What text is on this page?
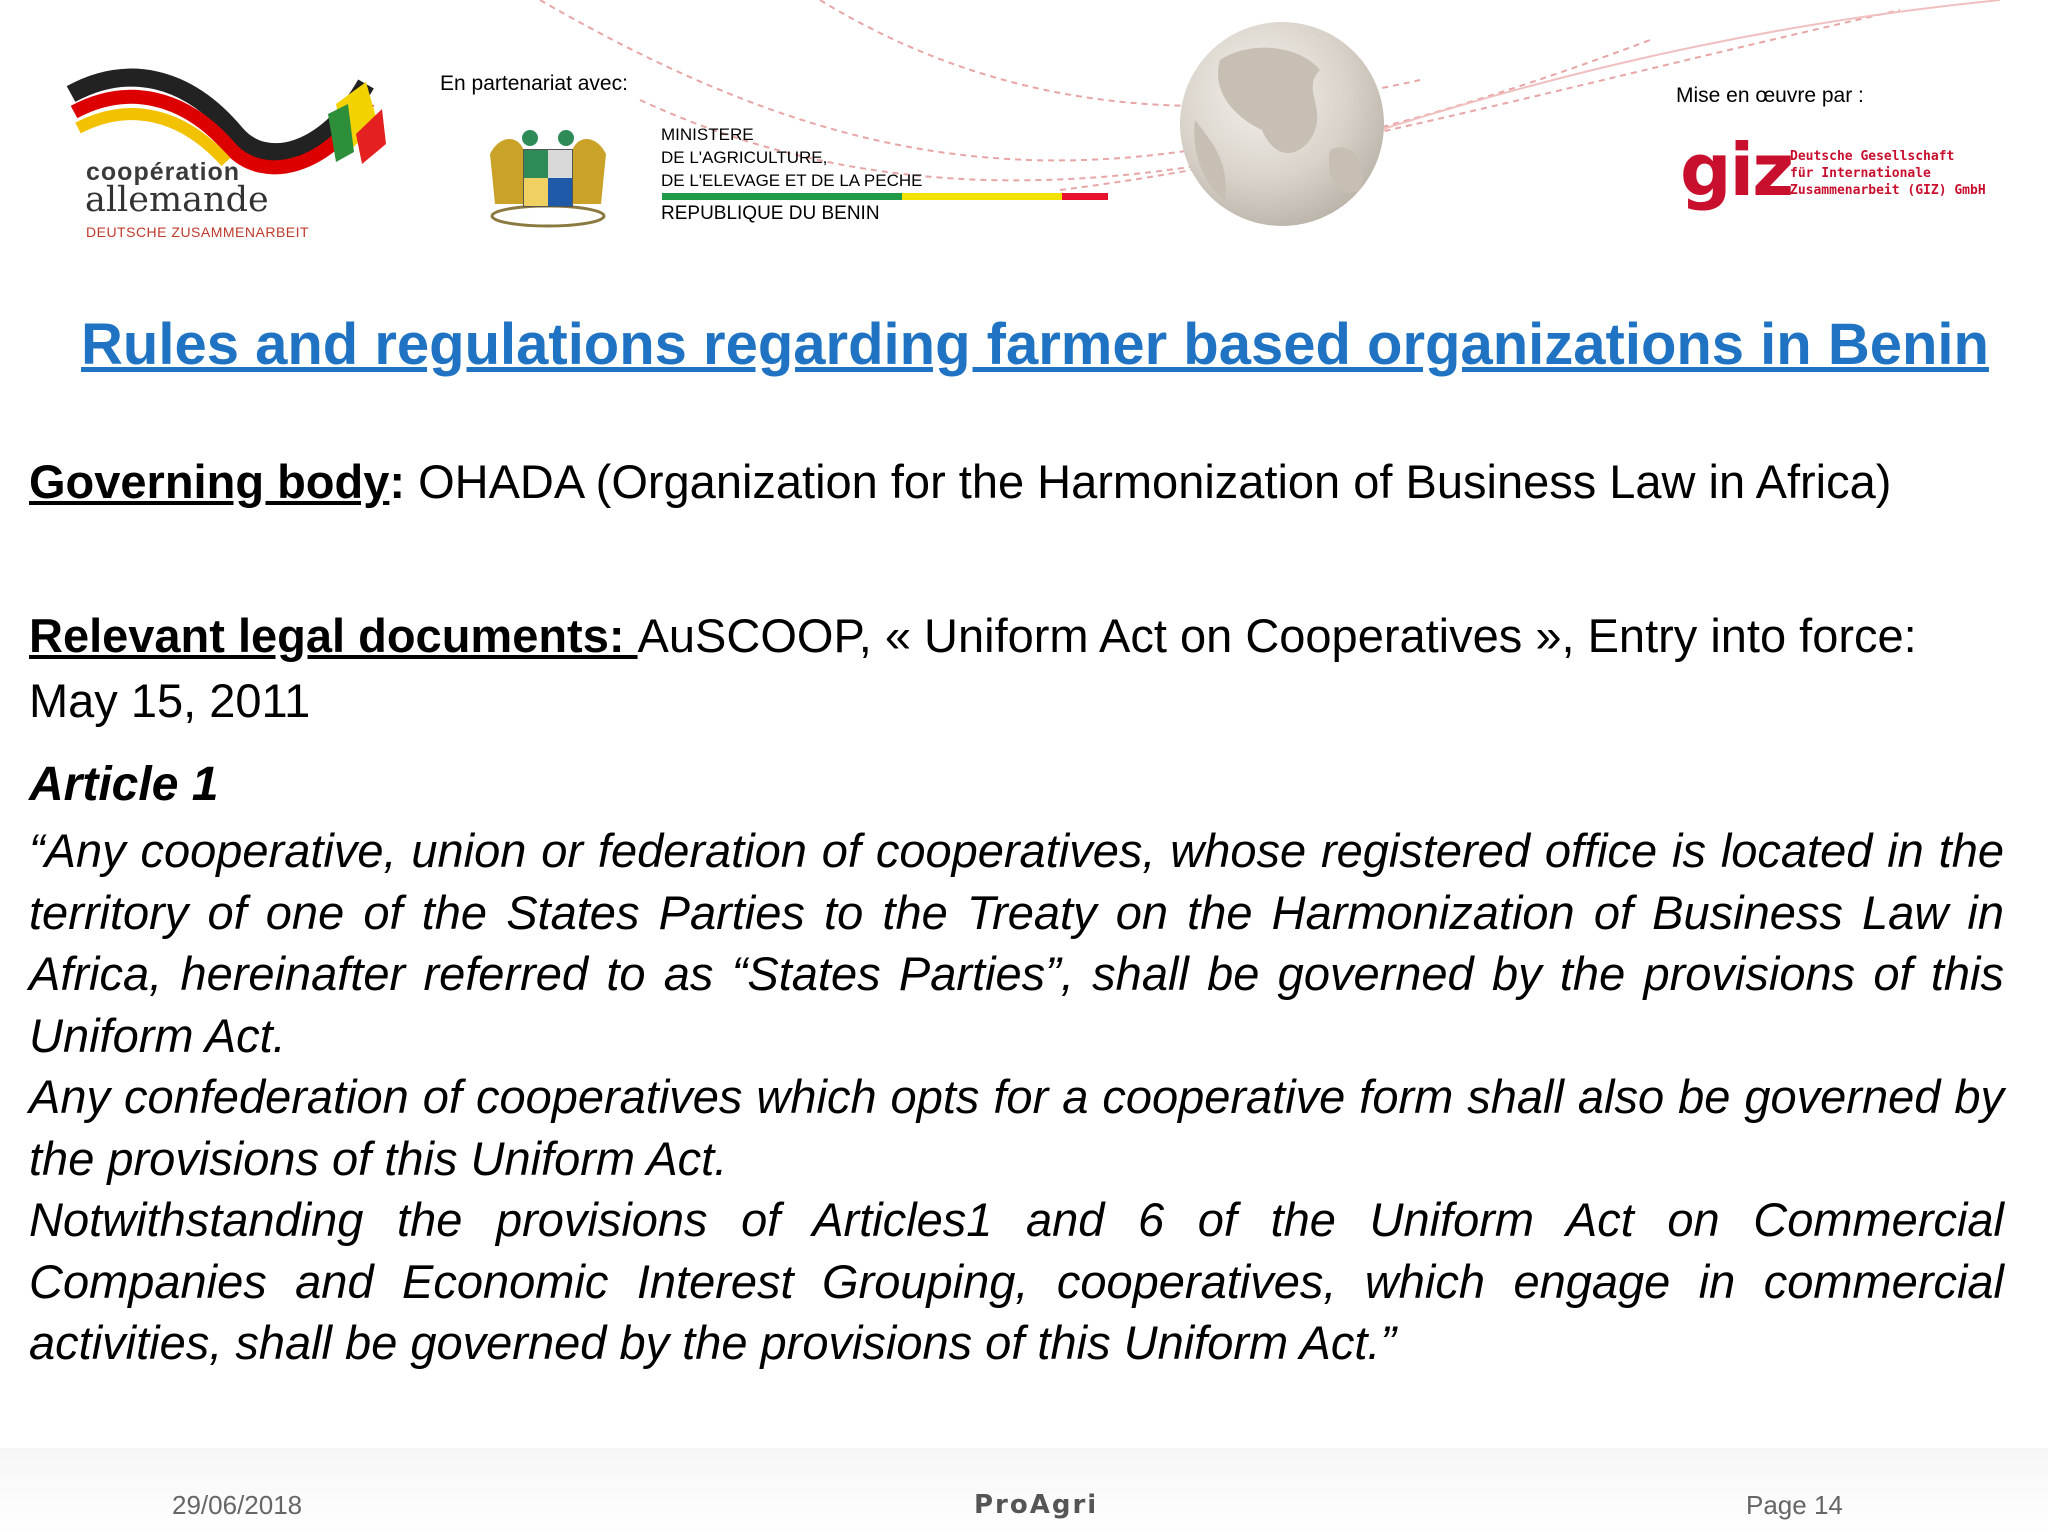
coopération
allemande
DEUTSCHE ZUSAMMENARBEIT
En partenariat avec:
MINISTERE
DE L'AGRICULTURE,
DE L'ELEVAGE ET DE LA PECHE
REPUBLIQUE DU BENIN
Mise en œuvre par :
giz
Deutsche Gesellschaft
für Internationale
Zusammenarbeit (GIZ) GmbH
Rules and regulations regarding farmer based organizations in Benin
Governing body: OHADA (Organization for the Harmonization of Business Law in Africa)
Relevant legal documents: AuSCOOP, « Uniform Act on Cooperatives », Entry into force: May 15, 2011
Article 1

“Any cooperative, union or federation of cooperatives, whose registered office is located in the territory of one of the States Parties to the Treaty on the Harmonization of Business Law in Africa, hereinafter referred to as “States Parties”, shall be governed by the provisions of this Uniform Act.

Any confederation of cooperatives which opts for a cooperative form shall also be governed by the provisions of this Uniform Act.

Notwithstanding the provisions of Articles1 and 6 of the Uniform Act on Commercial Companies and Economic Interest Grouping, cooperatives, which engage in commercial activities, shall be governed by the provisions of this Uniform Act.”

29/06/2018	ProAgri	Page 14
